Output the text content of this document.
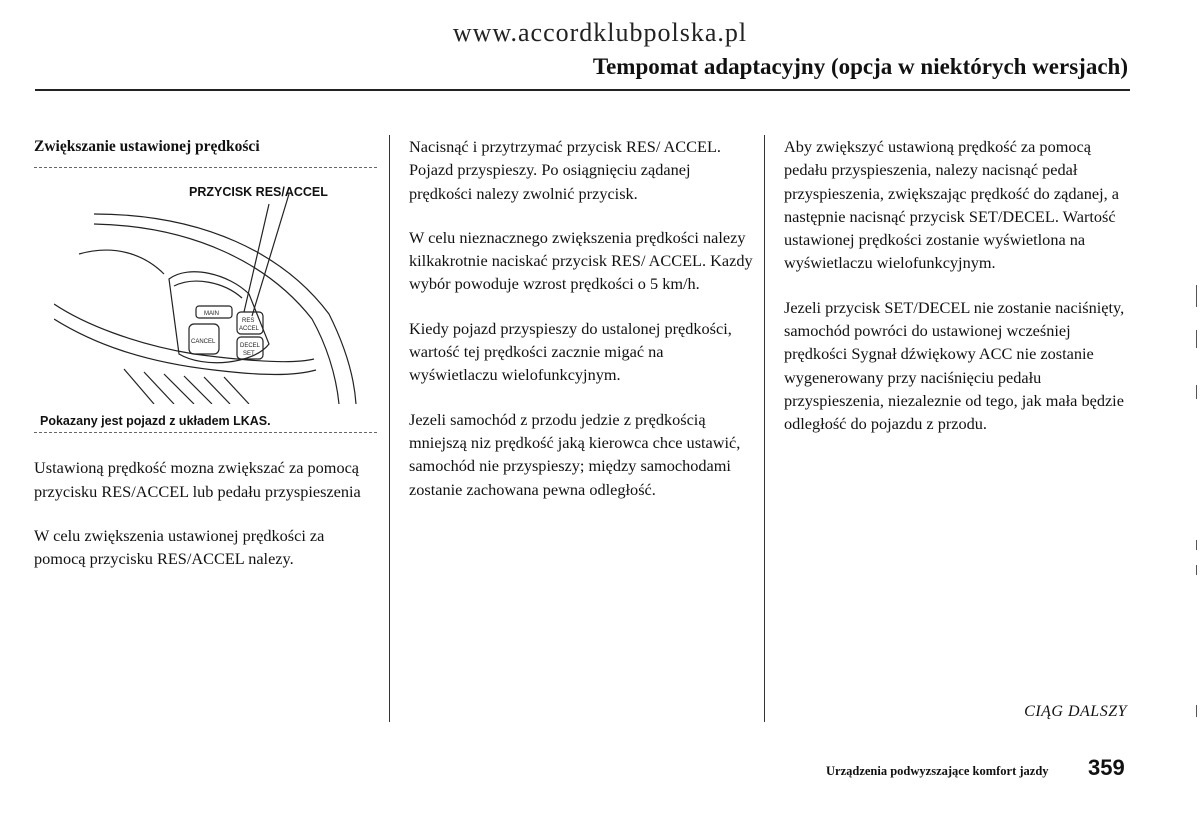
www.accordklubpolska.pl
Tempomat adaptacyjny (opcja w niektórych wersjach)
Zwiększanie ustawionej prędkości
PRZYCISK RES/ACCEL
MAIN
CANCEL
RES
ACCEL
DECEL
SET
Pokazany jest pojazd z układem LKAS.

Ustawioną prędkość mozna zwiększać za pomocą przycisku RES/ACCEL lub pedału przyspieszenia

W celu zwiększenia ustawionej prędkości za pomocą przycisku RES/ACCEL nalezy.

Nacisnąć i przytrzymać przycisk RES/ ACCEL. Pojazd przyspieszy. Po osiągnięciu ządanej prędkości nalezy zwolnić przycisk.

W celu nieznacznego zwiększenia prędkości nalezy kilkakrotnie naciskać przycisk RES/ ACCEL. Kazdy wybór powoduje wzrost prędkości o 5 km/h.

Kiedy pojazd przyspieszy do ustalonej prędkości, wartość tej prędkości zacznie migać na wyświetlaczu wielofunkcyjnym.

Jezeli samochód z przodu jedzie z prędkością mniejszą niz prędkość jaką kierowca chce ustawić, samochód nie przyspieszy; między samochodami zostanie zachowana pewna odległość.

Aby zwiększyć ustawioną prędkość za pomocą pedału przyspieszenia, nalezy nacisnąć pedał przyspieszenia, zwiększając prędkość do ządanej, a następnie nacisnąć przycisk SET/DECEL. Wartość ustawionej prędkości zostanie wyświetlona na wyświetlaczu wielofunkcyjnym.

Jezeli przycisk SET/DECEL nie zostanie naciśnięty, samochód powróci do ustawionej wcześniej prędkości Sygnał dźwiękowy ACC nie zostanie wygenerowany przy naciśnięciu pedału przyspieszenia, niezaleznie od tego, jak mała będzie odległość do pojazdu z przodu.

CIĄG DALSZY
Urządzenia podwyzszające komfort jazdy 359
